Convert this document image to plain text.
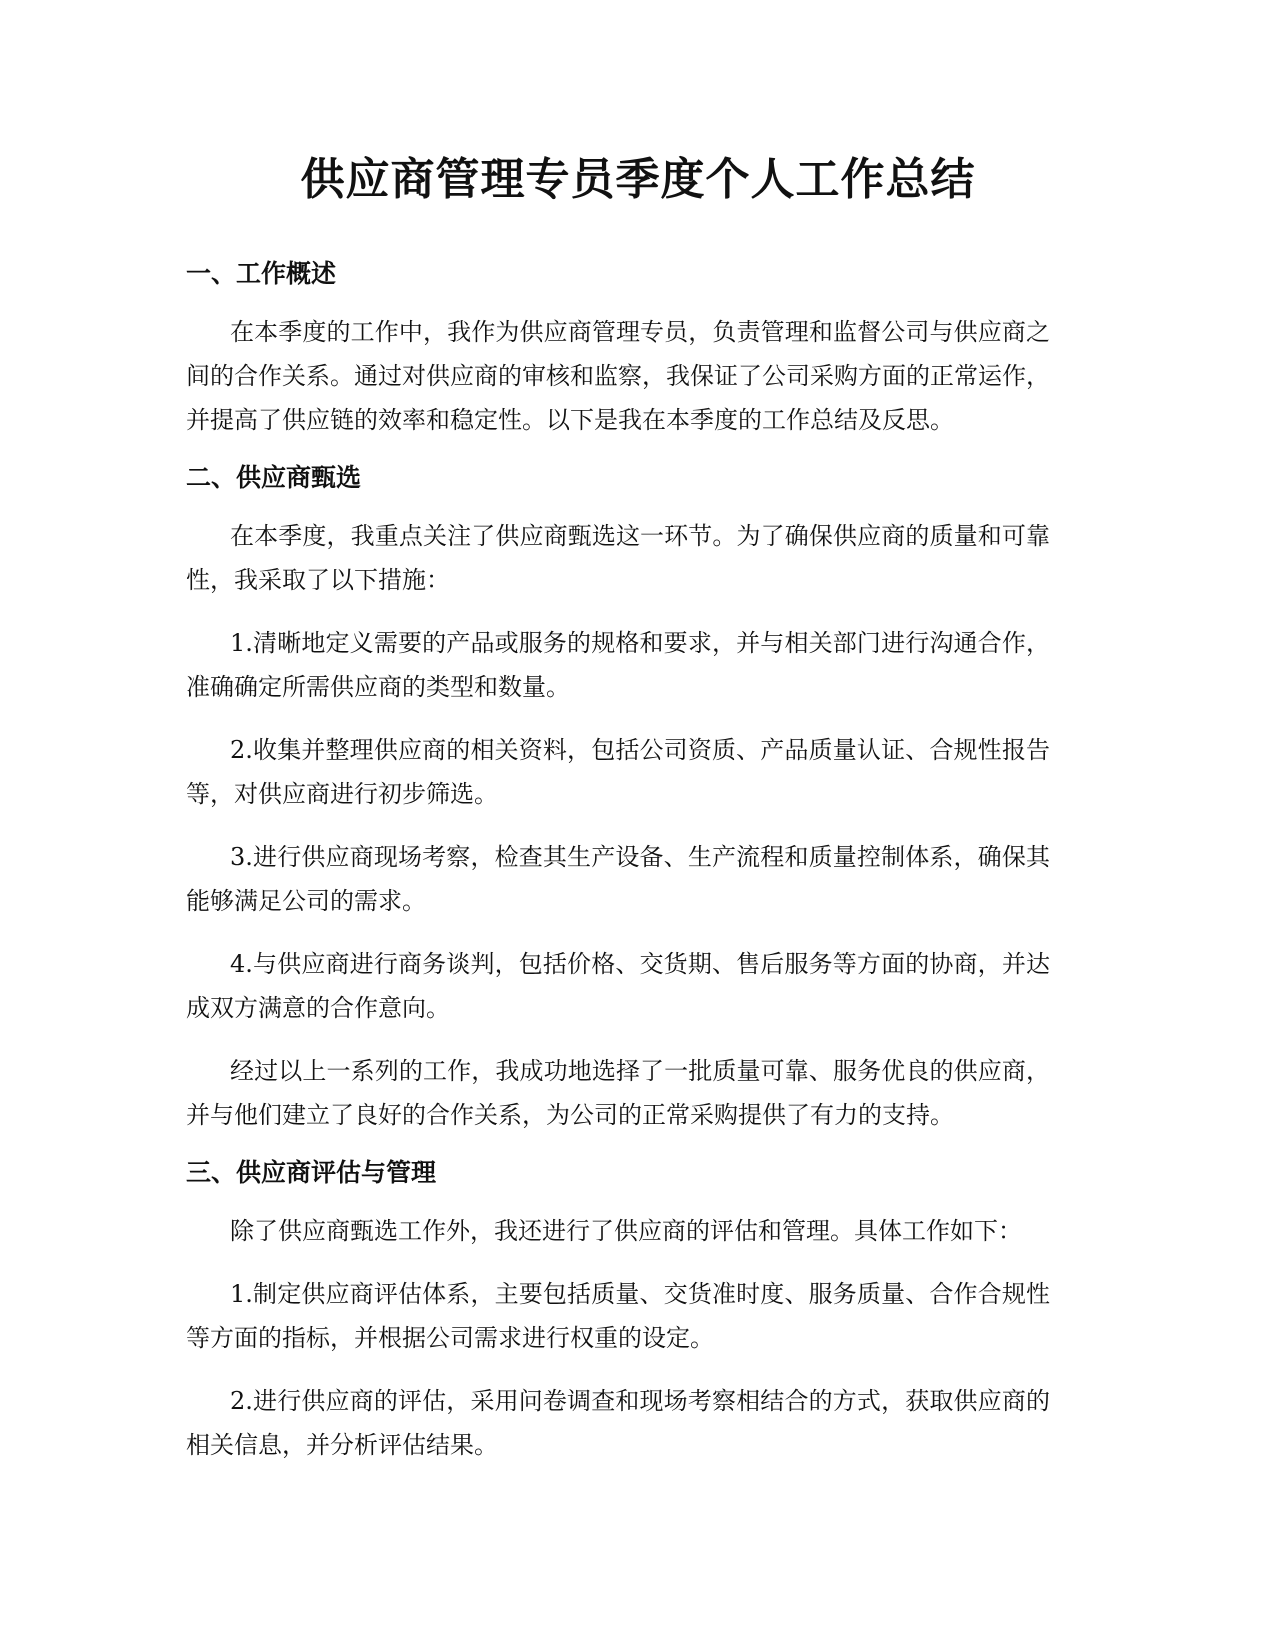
供应商管理专员季度个人工作总结
一、工作概述

在本季度的工作中，我作为供应商管理专员，负责管理和监督公司与供应商之间的合作关系。通过对供应商的审核和监察，我保证了公司采购方面的正常运作，并提高了供应链的效率和稳定性。以下是我在本季度的工作总结及反思。

二、供应商甄选

在本季度，我重点关注了供应商甄选这一环节。为了确保供应商的质量和可靠性，我采取了以下措施：

1.清晰地定义需要的产品或服务的规格和要求，并与相关部门进行沟通合作，准确确定所需供应商的类型和数量。

2.收集并整理供应商的相关资料，包括公司资质、产品质量认证、合规性报告等，对供应商进行初步筛选。

3.进行供应商现场考察，检查其生产设备、生产流程和质量控制体系，确保其能够满足公司的需求。

4.与供应商进行商务谈判，包括价格、交货期、售后服务等方面的协商，并达成双方满意的合作意向。

经过以上一系列的工作，我成功地选择了一批质量可靠、服务优良的供应商，并与他们建立了良好的合作关系，为公司的正常采购提供了有力的支持。

三、供应商评估与管理

除了供应商甄选工作外，我还进行了供应商的评估和管理。具体工作如下：

1.制定供应商评估体系，主要包括质量、交货准时度、服务质量、合作合规性等方面的指标，并根据公司需求进行权重的设定。

2.进行供应商的评估，采用问卷调查和现场考察相结合的方式，获取供应商的相关信息，并分析评估结果。
